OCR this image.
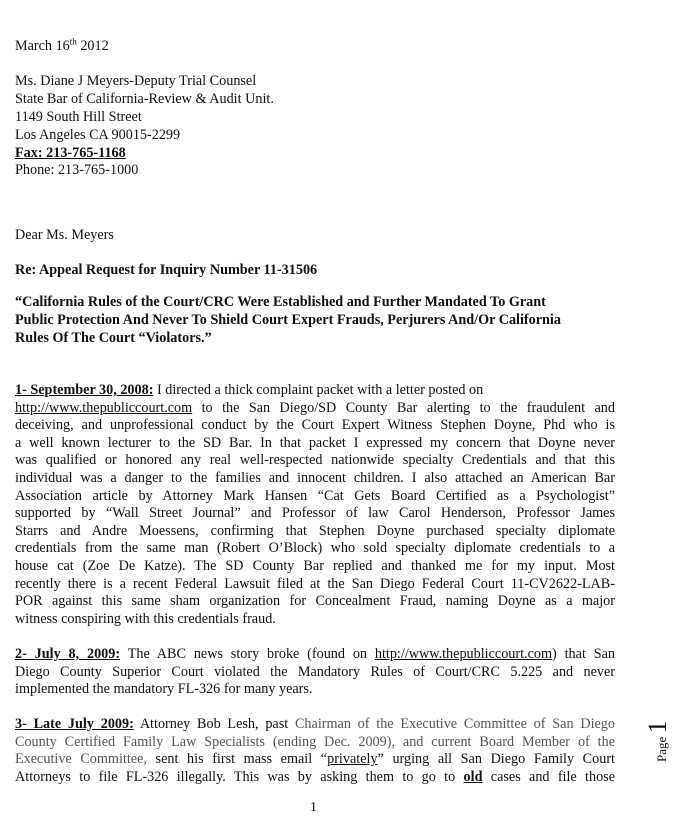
March 16th 2012
Ms. Diane J Meyers-Deputy Trial Counsel
State Bar of California-Review & Audit Unit.
1149 South Hill Street
Los Angeles CA 90015-2299
Fax: 213-765-1168
Phone: 213-765-1000
Dear Ms. Meyers
Re: Appeal Request for Inquiry Number 11-31506
“California Rules of the Court/CRC Were Established and Further Mandated To Grant
Public Protection And Never To Shield Court Expert Frauds, Perjurers And/Or California
Rules Of The Court “Violators.”
1- September 30, 2008: I directed a thick complaint packet with a letter posted on
http://www.thepubliccourt.com to the San Diego/SD County Bar alerting to the fraudulent and
deceiving, and unprofessional conduct by the Court Expert Witness Stephen Doyne, Phd who is
a well known lecturer to the SD Bar. In that packet I expressed my concern that Doyne never
was qualified or honored any real well-respected nationwide specialty Credentials and that this
individual was a danger to the families and innocent children. I also attached an American Bar
Association article by Attorney Mark Hansen “Cat Gets Board Certified as a Psychologist”
supported by “Wall Street Journal” and Professor of law Carol Henderson, Professor James
Starrs and Andre Moessens, confirming that Stephen Doyne purchased specialty diplomate
credentials from the same man (Robert O’Block) who sold specialty diplomate credentials to a
house cat (Zoe De Katze). The SD County Bar replied and thanked me for my input. Most
recently there is a recent Federal Lawsuit filed at the San Diego Federal Court 11-CV2622-LAB-
POR against this same sham organization for Concealment Fraud, naming Doyne as a major
witness conspiring with this credentials fraud.
2- July 8, 2009: The ABC news story broke (found on http://www.thepubliccourt.com) that San
Diego County Superior Court violated the Mandatory Rules of Court/CRC 5.225 and never
implemented the mandatory FL-326 for many years.
3- Late July 2009: Attorney Bob Lesh, past Chairman of the Executive Committee of San Diego
County Certified Family Law Specialists (ending Dec. 2009), and current Board Member of the
Executive Committee, sent his first mass email “privately” urging all San Diego Family Court
Attorneys to file FL-326 illegally. This was by asking them to go to old cases and file those
Page 1
1
